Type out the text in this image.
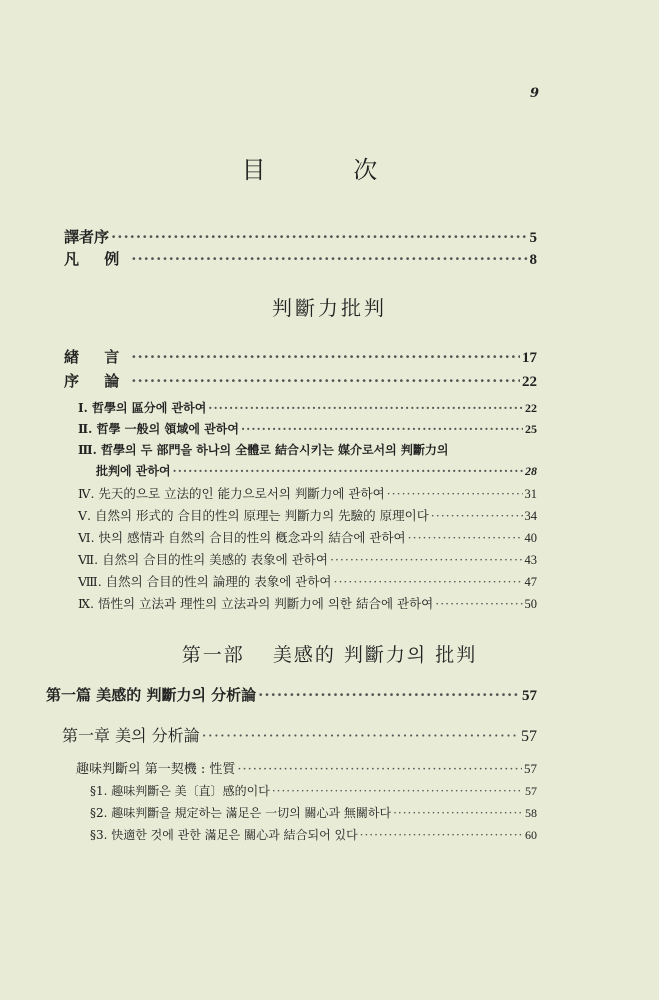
9
目 次
譯者序 ·····	5
凡 例 ·····	8
判斷力批判
緖 言 ·····	17
序 論 ·····	22
Ⅰ. 哲學의 區分에 관하여 ·····	22
Ⅱ. 哲學 一般의 領域에 관하여 ·····	25
Ⅲ. 哲學의 두 部門을 하나의 全體로 結合시키는 媒介로서의 判斷力의
批判에 관하여 ·····	28
Ⅳ. 先天的으로 立法的인 能力으로서의 判斷力에 관하여 ·····	31
Ⅴ. 自然의 形式的 合目的性의 原理는 判斷力의 先驗的 原理이다 ·····	34
Ⅵ. 快의 感情과 自然의 合目的性의 槪念과의 結合에 관하여 ·····	40
Ⅶ. 自然의 合目的性의 美感的 表象에 관하여 ·····	43
Ⅷ. 自然의 合目的性의 論理的 表象에 관하여 ·····	47
Ⅸ. 悟性의 立法과 理性의 立法과의 判斷力에 의한 結合에 관하여 ·····	50
第一部 美感的 判斷力의 批判
第一篇 美感的 判斷力의 分析論 ·····	57
第一章 美의 分析論 ·····	57
趣味判斷의 第一契機 : 性質 ·····	57
§1. 趣味判斷은 美〔直〕感的이다 ·····	57
§2. 趣味判斷을 規定하는 滿足은 一切의 關心과 無關하다 ·····	58
§3. 快適한 것에 관한 滿足은 關心과 結合되어 있다 ·····	60
